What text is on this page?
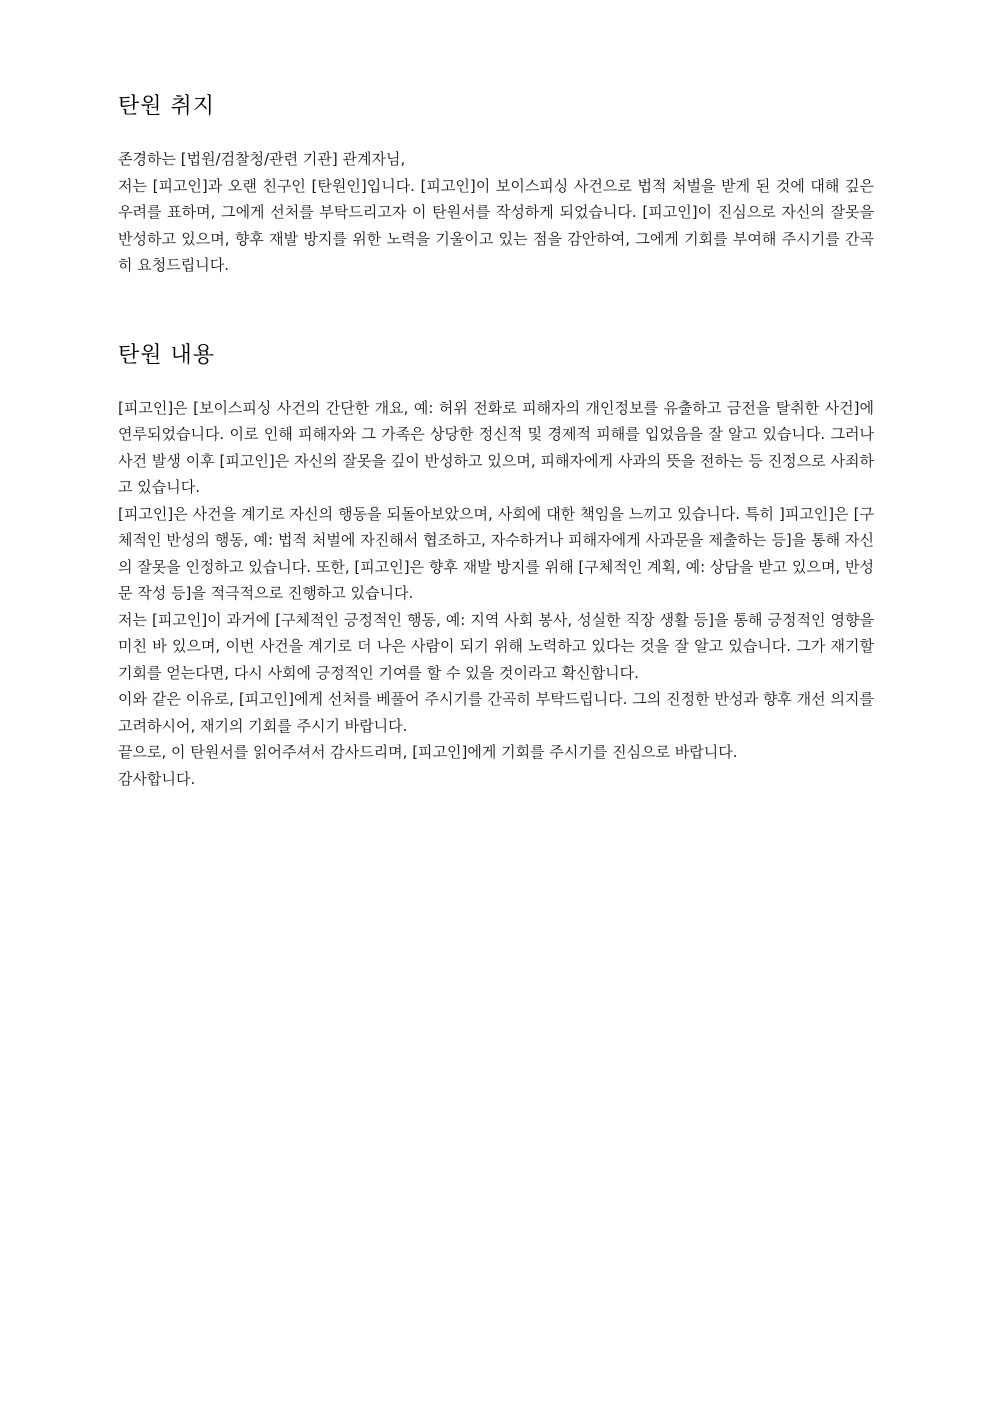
탄원 취지

존경하는 [법원/검찰청/관련 기관] 관계자님,

저는 [피고인]과 오랜 친구인 [탄원인]입니다. [피고인]이 보이스피싱 사건으로 법적 처벌을 받게 된 것에 대해 깊은 우려를 표하며, 그에게 선처를 부탁드리고자 이 탄원서를 작성하게 되었습니다. [피고인]이 진심으로 자신의 잘못을 반성하고 있으며, 향후 재발 방지를 위한 노력을 기울이고 있는 점을 감안하여, 그에게 기회를 부여해 주시기를 간곡히 요청드립니다.

탄원 내용

[피고인]은 [보이스피싱 사건의 간단한 개요, 예: 허위 전화로 피해자의 개인정보를 유출하고 금전을 탈취한 사건]에 연루되었습니다. 이로 인해 피해자와 그 가족은 상당한 정신적 및 경제적 피해를 입었음을 잘 알고 있습니다. 그러나 사건 발생 이후 [피고인]은 자신의 잘못을 깊이 반성하고 있으며, 피해자에게 사과의 뜻을 전하는 등 진정으로 사죄하고 있습니다.

[피고인]은 사건을 계기로 자신의 행동을 되돌아보았으며, 사회에 대한 책임을 느끼고 있습니다. 특히 ]피고인]은 [구체적인 반성의 행동, 예: 법적 처벌에 자진해서 협조하고, 자수하거나 피해자에게 사과문을 제출하는 등]을 통해 자신의 잘못을 인정하고 있습니다. 또한, [피고인]은 향후 재발 방지를 위해 [구체적인 계획, 예: 상담을 받고 있으며, 반성문 작성 등]을 적극적으로 진행하고 있습니다.

저는 [피고인]이 과거에 [구체적인 긍정적인 행동, 예: 지역 사회 봉사, 성실한 직장 생활 등]을 통해 긍정적인 영향을 미친 바 있으며, 이번 사건을 계기로 더 나은 사람이 되기 위해 노력하고 있다는 것을 잘 알고 있습니다. 그가 재기할 기회를 얻는다면, 다시 사회에 긍정적인 기여를 할 수 있을 것이라고 확신합니다.

이와 같은 이유로, [피고인]에게 선처를 베풀어 주시기를 간곡히 부탁드립니다. 그의 진정한 반성과 향후 개선 의지를 고려하시어, 재기의 기회를 주시기 바랍니다.

끝으로, 이 탄원서를 읽어주셔서 감사드리며, [피고인]에게 기회를 주시기를 진심으로 바랍니다.

감사합니다.
